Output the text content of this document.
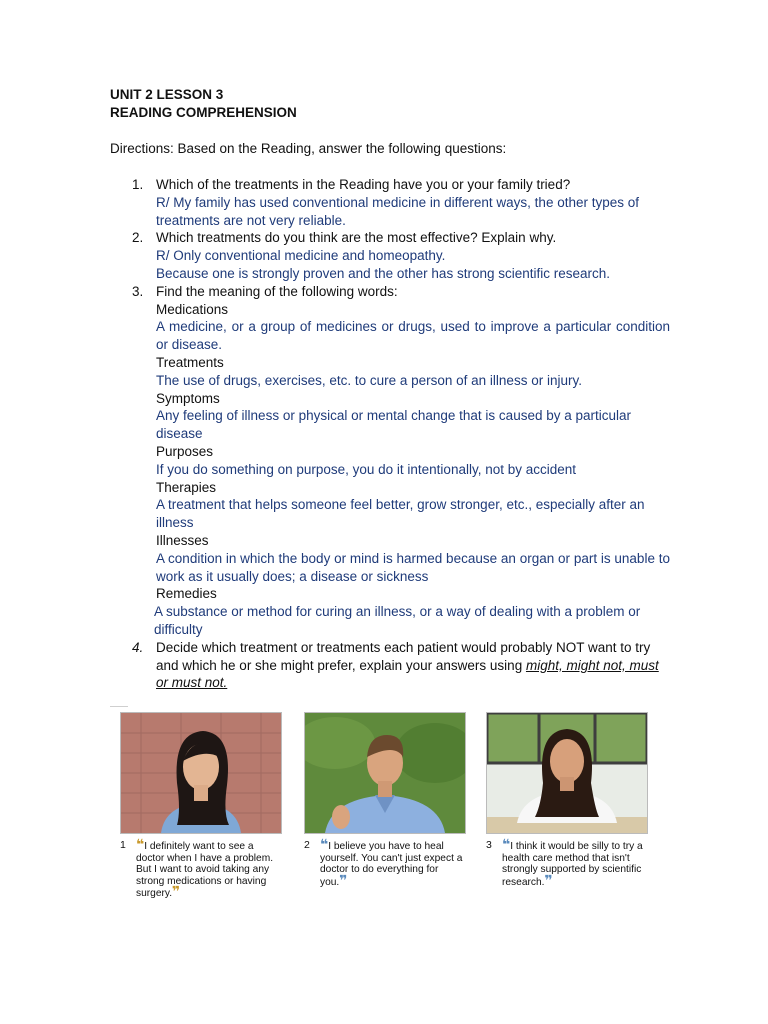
UNIT 2 LESSON 3
READING COMPREHENSION
Directions: Based on the Reading, answer the following questions:
1. Which of the treatments in the Reading have you or your family tried?
R/ My family has used conventional medicine in different ways, the other types of treatments are not very reliable.
2. Which treatments do you think are the most effective? Explain why.
R/ Only conventional medicine and homeopathy.
Because one is strongly proven and the other has strong scientific research.
3. Find the meaning of the following words:
Medications
A medicine, or a group of medicines or drugs, used to improve a particular condition or disease.
Treatments
The use of drugs, exercises, etc. to cure a person of an illness or injury.
Symptoms
Any feeling of illness or physical or mental change that is caused by a particular disease
Purposes
If you do something on purpose, you do it intentionally, not by accident
Therapies
A treatment that helps someone feel better, grow stronger, etc., especially after an illness
Illnesses
A condition in which the body or mind is harmed because an organ or part is unable to work as it usually does; a disease or sickness
Remedies
A substance or method for curing an illness, or a way of dealing with a problem or difficulty
4. Decide which treatment or treatments each patient would probably NOT want to try and which he or she might prefer, explain your answers using might, might not, must or must not.
1 ❝I definitely want to see a doctor when I have a problem. But I want to avoid taking any strong medications or having surgery.❞
2 ❝I believe you have to heal yourself. You can't just expect a doctor to do everything for you.❞
3 ❝I think it would be silly to try a health care method that isn't strongly supported by scientific research.❞
